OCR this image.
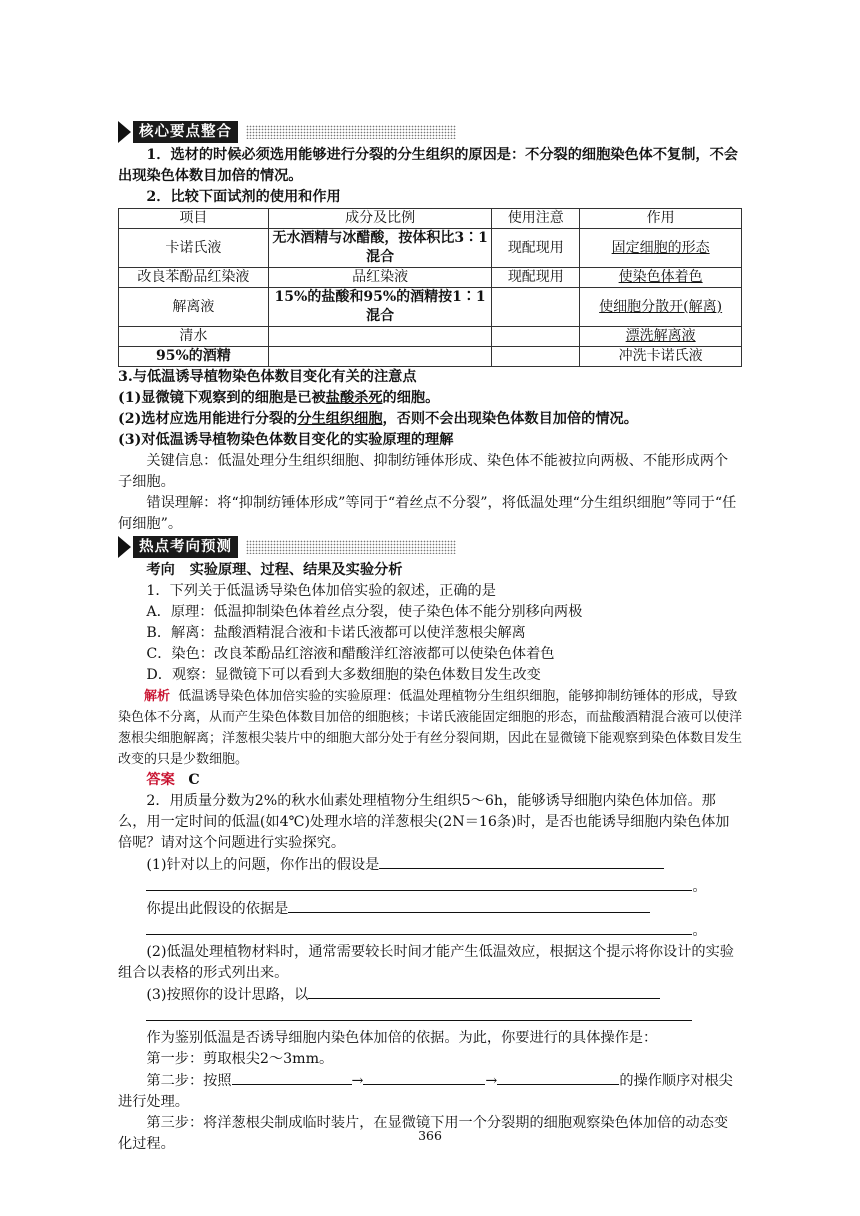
核心要点整合

1．选材的时候必须选用能够进行分裂的分生组织的原因是：不分裂的细胞染色体不复制，不会出现染色体数目加倍的情况。

2．比较下面试剂的使用和作用

项目	成分及比例	使用注意	作用
卡诺氏液	无水酒精与冰醋酸，按体积比3∶1混合	现配现用	固定细胞的形态
改良苯酚品红染液	品红染液	现配现用	使染色体着色
解离液	15%的盐酸和95%的酒精按1∶1混合		使细胞分散开(解离)
清水			漂洗解离液
95%的酒精			冲洗卡诺氏液

3.与低温诱导植物染色体数目变化有关的注意点

(1)显微镜下观察到的细胞是已被盐酸杀死的细胞。

(2)选材应选用能进行分裂的分生组织细胞，否则不会出现染色体数目加倍的情况。

(3)对低温诱导植物染色体数目变化的实验原理的理解

关键信息：低温处理分生组织细胞、抑制纺锤体形成、染色体不能被拉向两极、不能形成两个子细胞。

错误理解：将“抑制纺锤体形成”等同于“着丝点不分裂”，将低温处理“分生组织细胞”等同于“任何细胞”。

热点考向预测

考向 实验原理、过程、结果及实验分析

1．下列关于低温诱导染色体加倍实验的叙述，正确的是

A．原理：低温抑制染色体着丝点分裂，使子染色体不能分别移向两极

B．解离：盐酸酒精混合液和卡诺氏液都可以使洋葱根尖解离

C．染色：改良苯酚品红溶液和醋酸洋红溶液都可以使染色体着色

D．观察：显微镜下可以看到大多数细胞的染色体数目发生改变

解析 低温诱导染色体加倍实验的实验原理：低温处理植物分生组织细胞，能够抑制纺锤体的形成，导致染色体不分离，从而产生染色体数目加倍的细胞核；卡诺氏液能固定细胞的形态，而盐酸酒精混合液可以使洋葱根尖细胞解离；洋葱根尖装片中的细胞大部分处于有丝分裂间期，因此在显微镜下能观察到染色体数目发生改变的只是少数细胞。

答案 C

2．用质量分数为2%的秋水仙素处理植物分生组织5～6h，能够诱导细胞内染色体加倍。那么，用一定时间的低温(如4℃)处理水培的洋葱根尖(2N＝16条)时，是否也能诱导细胞内染色体加倍呢？请对这个问题进行实验探究。

(1)针对以上的问题，你作出的假设是

。

你提出此假设的依据是

。

(2)低温处理植物材料时，通常需要较长时间才能产生低温效应，根据这个提示将你设计的实验组合以表格的形式列出来。

(3)按照你的设计思路，以

作为鉴别低温是否诱导细胞内染色体加倍的依据。为此，你要进行的具体操作是：

第一步：剪取根尖2～3mm。

第二步：按照	→	→	的操作顺序对根尖进行处理。

第三步：将洋葱根尖制成临时装片，在显微镜下用一个分裂期的细胞观察染色体加倍的动态变化过程。

366
